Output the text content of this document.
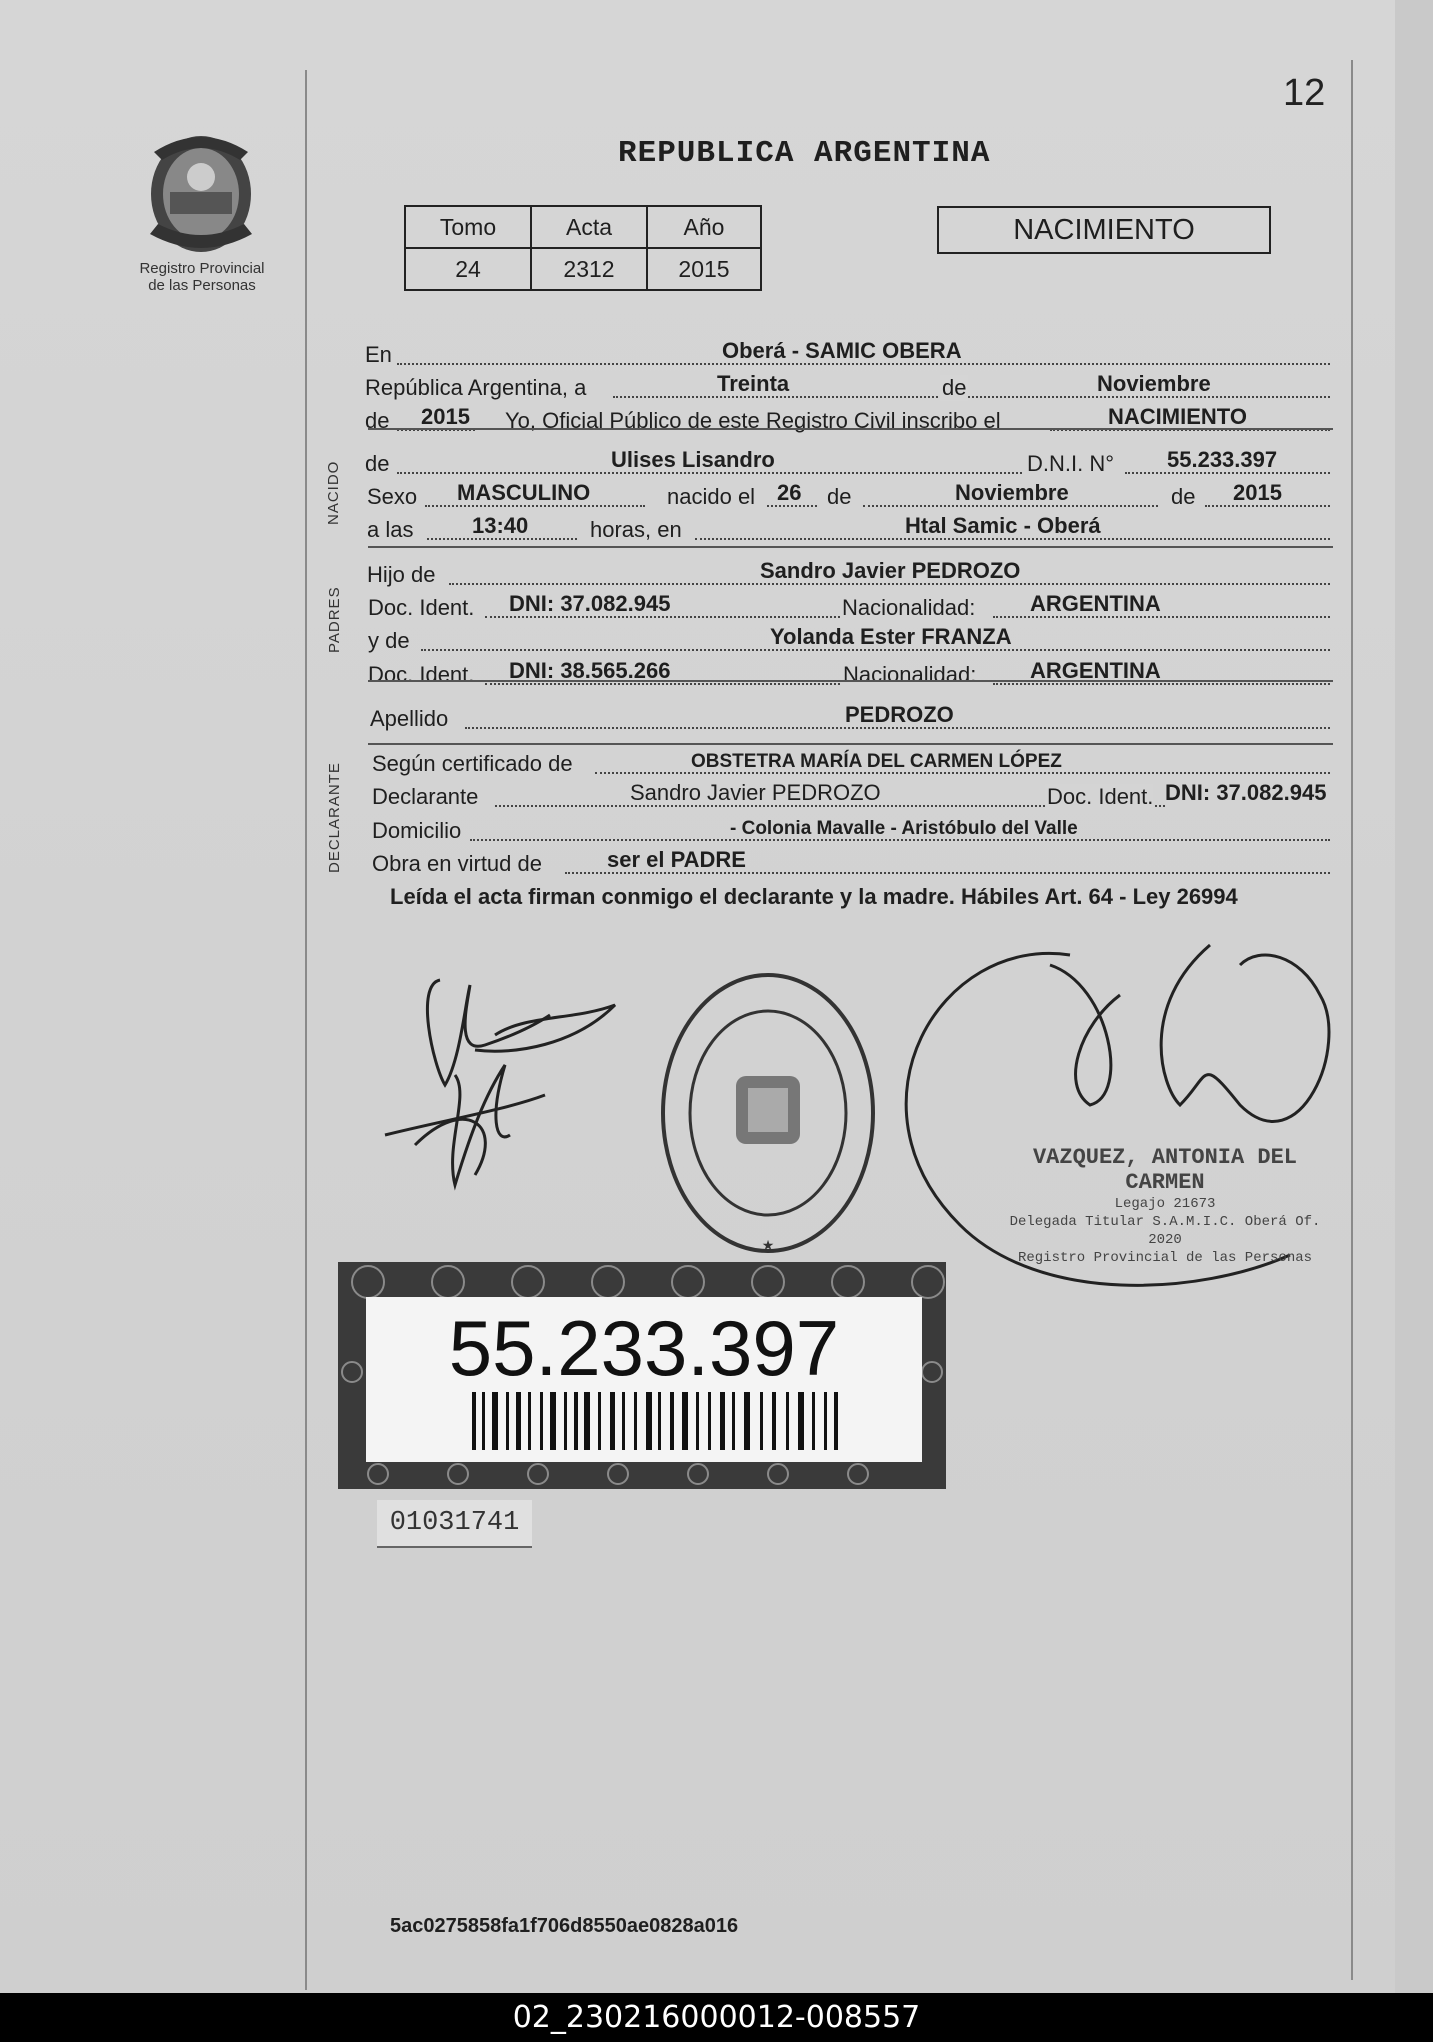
12
Registro Provincial
de las Personas
REPUBLICA ARGENTINA
Tomo	Acta	Año
24	2312	2015
NACIMIENTO
En	Oberá - SAMIC OBERA
República Argentina, a	Treinta	de	Noviembre
de 2015 Yo, Oficial Público de este Registro Civil inscribo el	NACIMIENTO
NACIDO de	Ulises Lisandro	D.N.I. N° 55.233.397
Sexo MASCULINO	nacido el 26 de	Noviembre	de 2015
a las	13:40	horas, en	Htal Samic - Oberá
PADRES
Hijo de	Sandro Javier PEDROZO
Doc. Ident. DNI: 37.082.945	Nacionalidad: ARGENTINA
y de	Yolanda Ester FRANZA
Doc. Ident. DNI: 38.565.266	Nacionalidad: ARGENTINA
Apellido	PEDROZO
DECLARANTE Según certificado de	OBSTETRA MARÍA DEL CARMEN LÓPEZ
Declarante	Sandro Javier PEDROZO	Doc. Ident. DNI: 37.082.945
Domicilio	- Colonia Mavalle - Aristóbulo del Valle
Obra en virtud de	ser el PADRE
Leída el acta firman conmigo el declarante y la madre. Hábiles Art. 64 - Ley 26994
★
VAZQUEZ, ANTONIA DEL CARMEN
Legajo 21673
Delegada Titular S.A.M.I.C. Oberá Of. 2020
Registro Provincial de las Personas
55.233.397
01031741
5ac0275858fa1f706d8550ae0828a016
02_230216000012-008557
